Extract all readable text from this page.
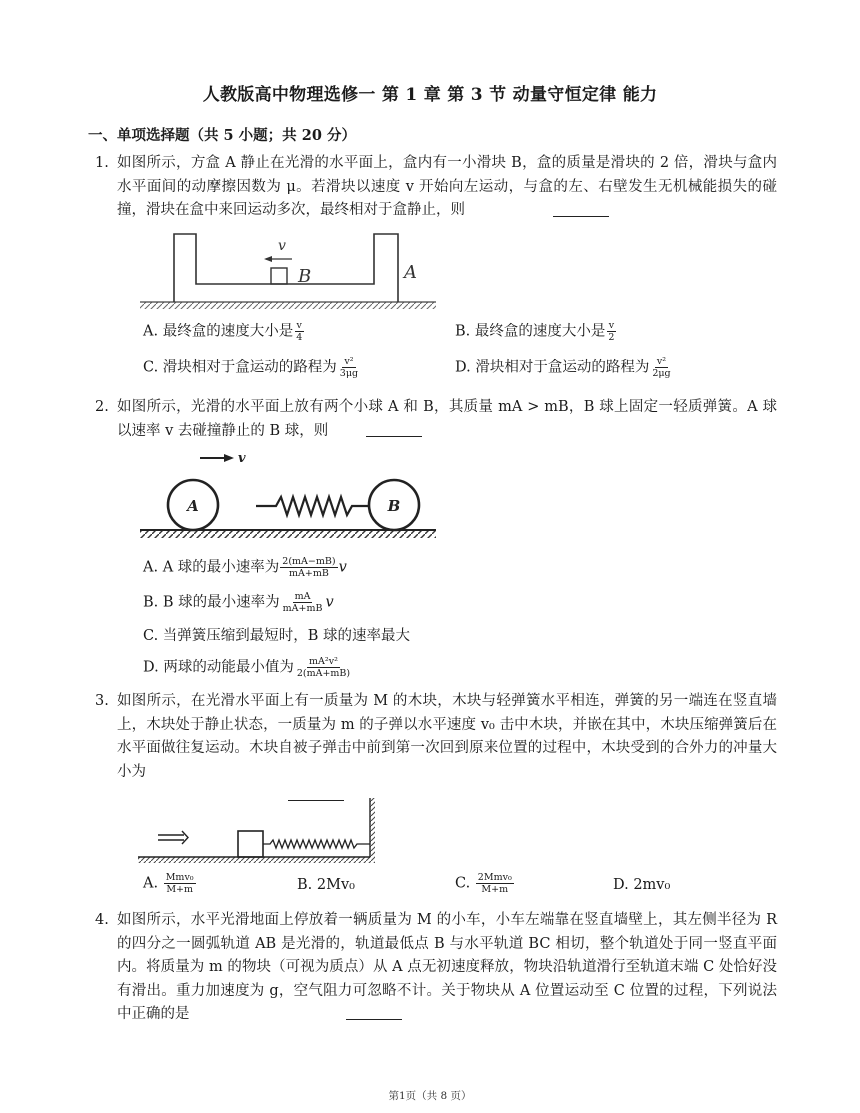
人教版高中物理选修一 第 1 章 第 3 节 动量守恒定律 能力
一、单项选择题（共 5 小题；共 20 分）
1. 如图所示，方盒 A 静止在光滑的水平面上，盒内有一小滑块 B，盒的质量是滑块的 2 倍，滑块与盒内水平面间的动摩擦因数为 μ。若滑块以速度 v 开始向左运动，与盒的左、右壁发生无机械能损失的碰撞，滑块在盒中来回运动多次，最终相对于盒静止，则

v
B	A
A. 最终盒的速度大小是 $\frac{v}{4}$	B. 最终盒的速度大小是 $\frac{v}{2}$
C. 滑块相对于盒运动的路程为 $\frac{\text{v²}}{3\mu g}$	D. 滑块相对于盒运动的路程为 $\frac{\text{v²}}{2\mu g}$
2. 如图所示，光滑的水平面上放有两个小球 A 和 B，其质量 mA > mB，B 球上固定一轻质弹簧。A 球以速率 v 去碰撞静止的 B 球，则

v
A	B
A. A 球的最小速率为 $\frac{2(mA-mB)}{mA+mB}$ v
B. B 球的最小速率为 $\frac{mA}{mA+mB}$ v
C. 当弹簧压缩到最短时，B 球的速率最大
D. 两球的动能最小值为 $\frac{\text{mA²v²}}{2(mA+mB)}$
3. 如图所示，在光滑水平面上有一质量为 M 的木块，木块与轻弹簧水平相连，弹簧的另一端连在竖直墙上，木块处于静止状态，一质量为 m 的子弹以水平速度 v₀ 击中木块，并嵌在其中，木块压缩弹簧后在水平面做往复运动。木块自被子弹击中前到第一次回到原来位置的过程中，木块受到的合外力的冲量大小为

A. $\frac{\text{Mmv₀}}{M+m}$	B. 2Mv₀	C. $\frac{\text{2Mmv₀}}{M+m}$	D. 2mv₀
4. 如图所示，水平光滑地面上停放着一辆质量为 M 的小车，小车左端靠在竖直墙壁上，其左侧半径为 R 的四分之一圆弧轨道 AB 是光滑的，轨道最低点 B 与水平轨道 BC 相切，整个轨道处于同一竖直平面内。将质量为 m 的物块（可视为质点）从 A 点无初速度释放，物块沿轨道滑行至轨道末端 C 处恰好没有滑出。重力加速度为 g，空气阻力可忽略不计。关于物块从 A 位置运动至 C 位置的过程，下列说法中正确的是

第1页（共 8 页）
